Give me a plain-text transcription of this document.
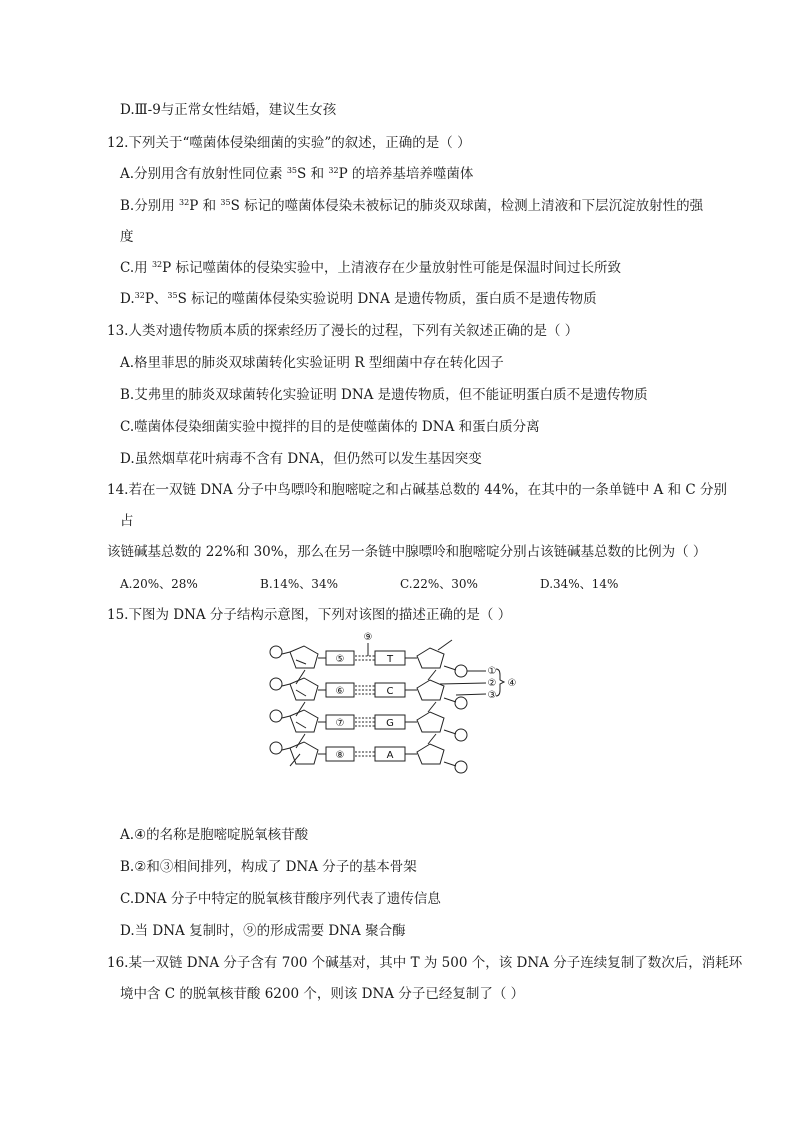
D.Ⅲ-9与正常女性结婚，建议生女孩
12.下列关于“噬菌体侵染细菌的实验”的叙述，正确的是（ ）
A.分别用含有放射性同位素 $^{35}$S 和 $^{32}$P 的培养基培养噬菌体
B.分别用 $^{32}$P 和 $^{35}$S 标记的噬菌体侵染未被标记的肺炎双球菌，检测上清液和下层沉淀放射性的强
度
C.用 $^{32}$P 标记噬菌体的侵染实验中，上清液存在少量放射性可能是保温时间过长所致
D.$^{32}$P、$^{35}$S 标记的噬菌体侵染实验说明 DNA 是遗传物质，蛋白质不是遗传物质
13.人类对遗传物质本质的探索经历了漫长的过程，下列有关叙述正确的是（ ）
A.格里菲思的肺炎双球菌转化实验证明 R 型细菌中存在转化因子
B.艾弗里的肺炎双球菌转化实验证明 DNA 是遗传物质，但不能证明蛋白质不是遗传物质
C.噬菌体侵染细菌实验中搅拌的目的是使噬菌体的 DNA 和蛋白质分离
D.虽然烟草花叶病毒不含有 DNA，但仍然可以发生基因突变
14.若在一双链 DNA 分子中鸟嘌呤和胞嘧啶之和占碱基总数的 44%，在其中的一条单链中 A 和 C 分别
占
该链碱基总数的 22%和 30%，那么在另一条链中腺嘌呤和胞嘧啶分别占该链碱基总数的比例为（ ）
A.20%、28%	B.14%、34%	C.22%、30%	D.34%、14%
15.下图为 DNA 分子结构示意图，下列对该图的描述正确的是（ ）
⑤
⑥
⑦
⑧
T
C
G
A
⑨
①
②
③
④
A.④的名称是胞嘧啶脱氧核苷酸
B.②和③相间排列，构成了 DNA 分子的基本骨架
C.DNA 分子中特定的脱氧核苷酸序列代表了遗传信息
D.当 DNA 复制时，⑨的形成需要 DNA 聚合酶
16.某一双链 DNA 分子含有 700 个碱基对，其中 T 为 500 个，该 DNA 分子连续复制了数次后，消耗环
境中含 C 的脱氧核苷酸 6200 个，则该 DNA 分子已经复制了（ ）
